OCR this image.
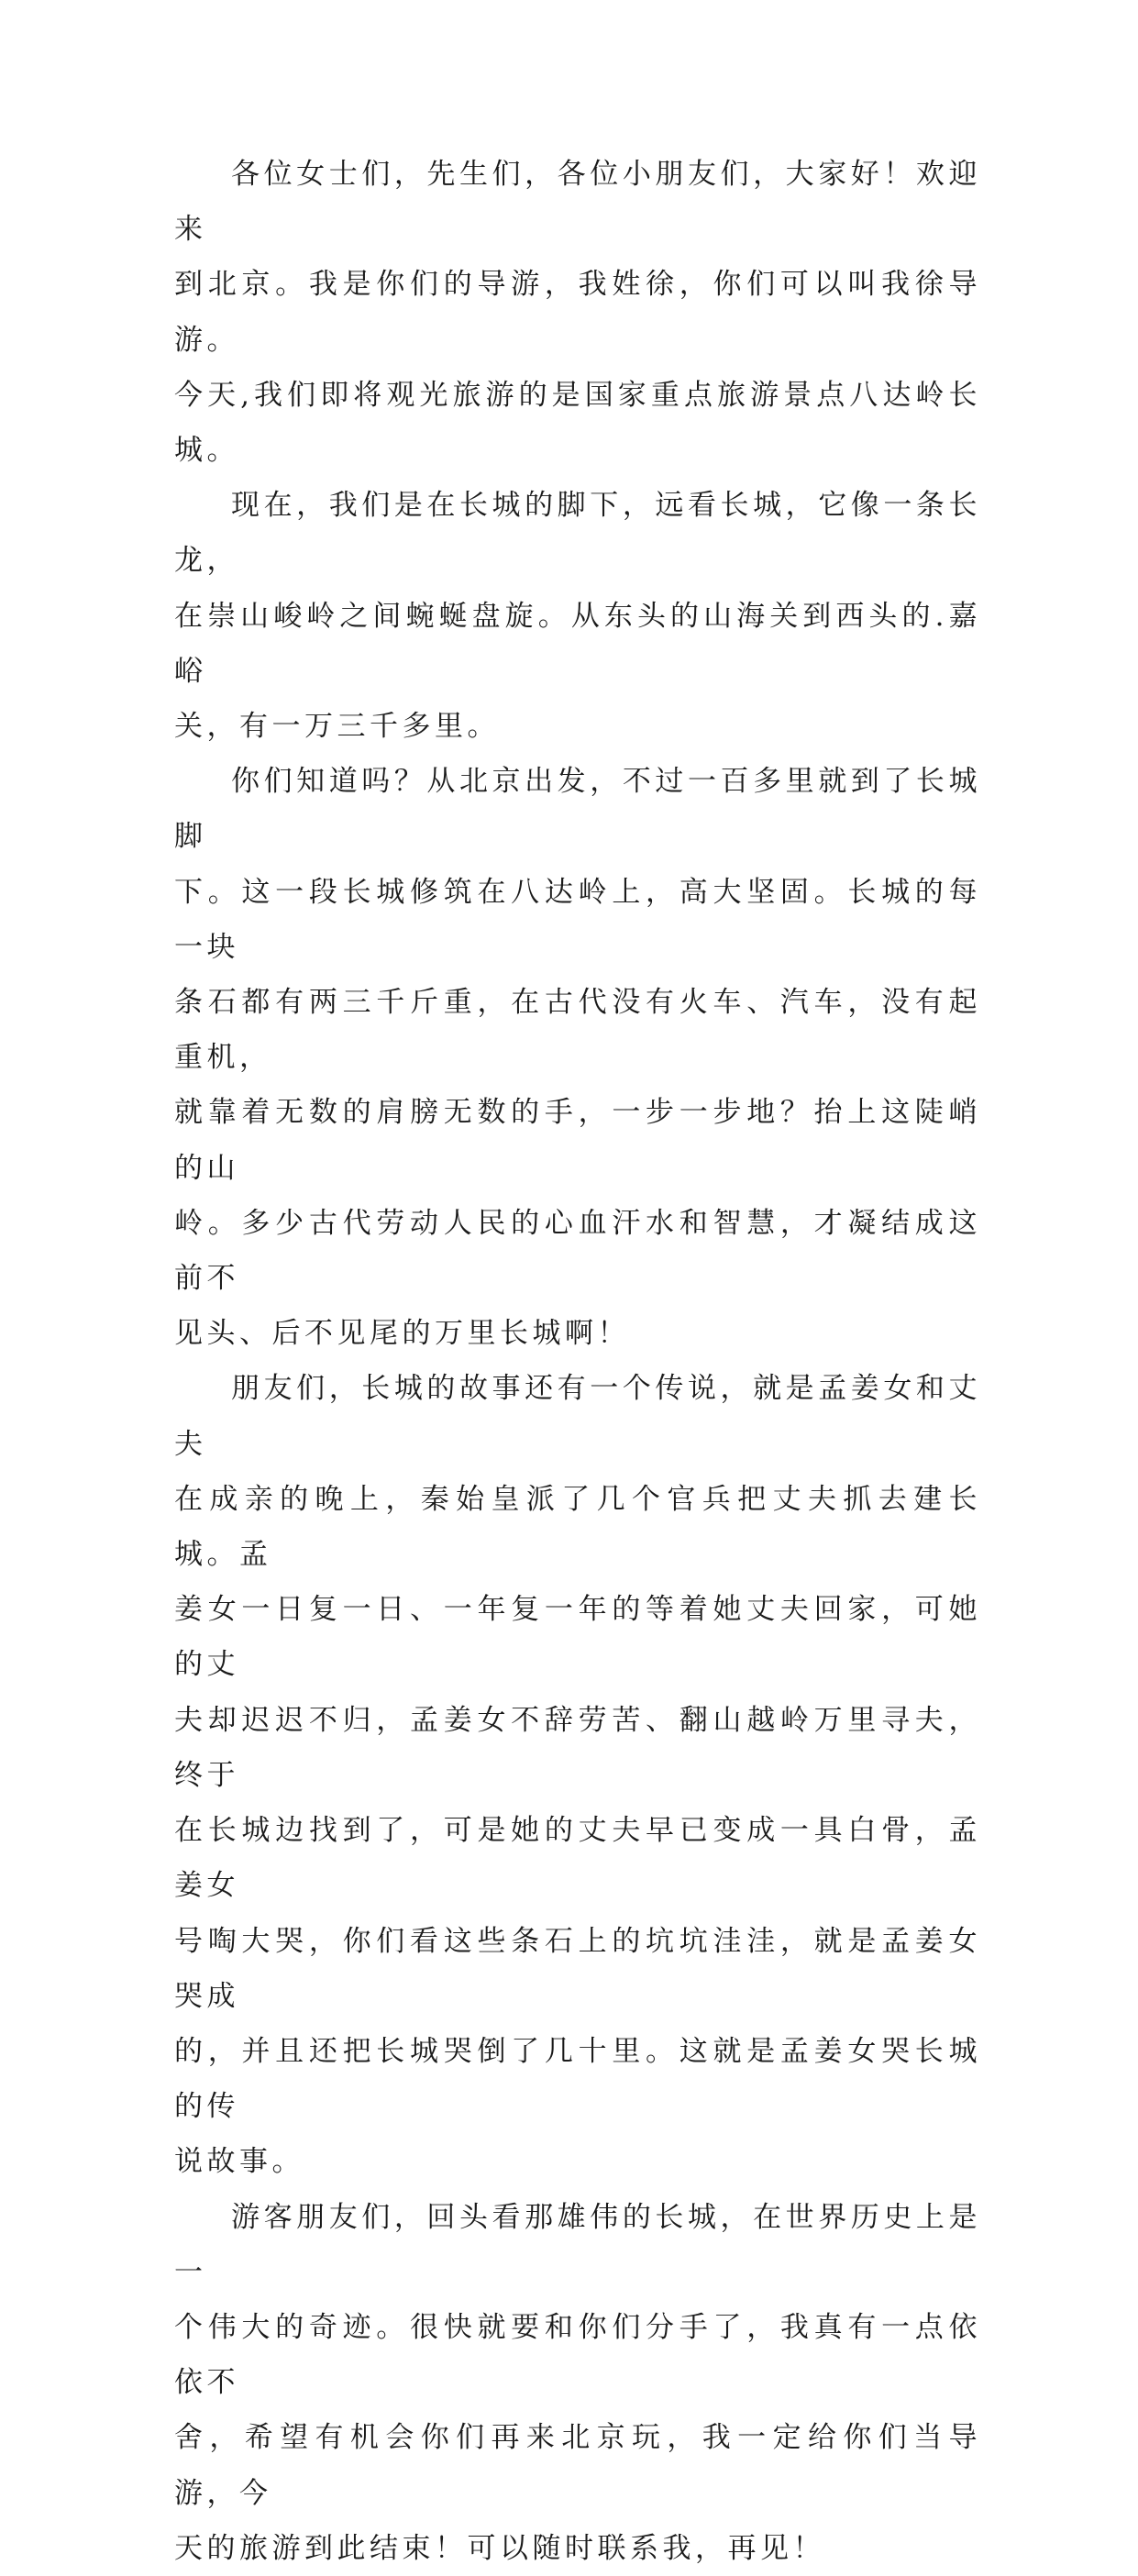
各位女士们，先生们，各位小朋友们，大家好！欢迎来
到北京。我是你们的导游，我姓徐，你们可以叫我徐导游。
今天,我们即将观光旅游的是国家重点旅游景点八达岭长城。

现在，我们是在长城的脚下，远看长城，它像一条长龙，
在崇山峻岭之间蜿蜒盘旋。从东头的山海关到西头的.嘉峪
关，有一万三千多里。

你们知道吗？从北京出发，不过一百多里就到了长城脚
下。这一段长城修筑在八达岭上，高大坚固。长城的每一块
条石都有两三千斤重，在古代没有火车、汽车，没有起重机，
就靠着无数的肩膀无数的手，一步一步地？抬上这陡峭的山
岭。多少古代劳动人民的心血汗水和智慧，才凝结成这前不
见头、后不见尾的万里长城啊！

朋友们，长城的故事还有一个传说，就是孟姜女和丈夫
在成亲的晚上，秦始皇派了几个官兵把丈夫抓去建长城。孟
姜女一日复一日、一年复一年的等着她丈夫回家，可她的丈
夫却迟迟不归，孟姜女不辞劳苦、翻山越岭万里寻夫，终于
在长城边找到了，可是她的丈夫早已变成一具白骨，孟姜女
号啕大哭，你们看这些条石上的坑坑洼洼，就是孟姜女哭成
的，并且还把长城哭倒了几十里。这就是孟姜女哭长城的传
说故事。

游客朋友们，回头看那雄伟的长城，在世界历史上是一
个伟大的奇迹。很快就要和你们分手了，我真有一点依依不
舍，希望有机会你们再来北京玩，我一定给你们当导游，今
天的旅游到此结束！可以随时联系我，再见！
